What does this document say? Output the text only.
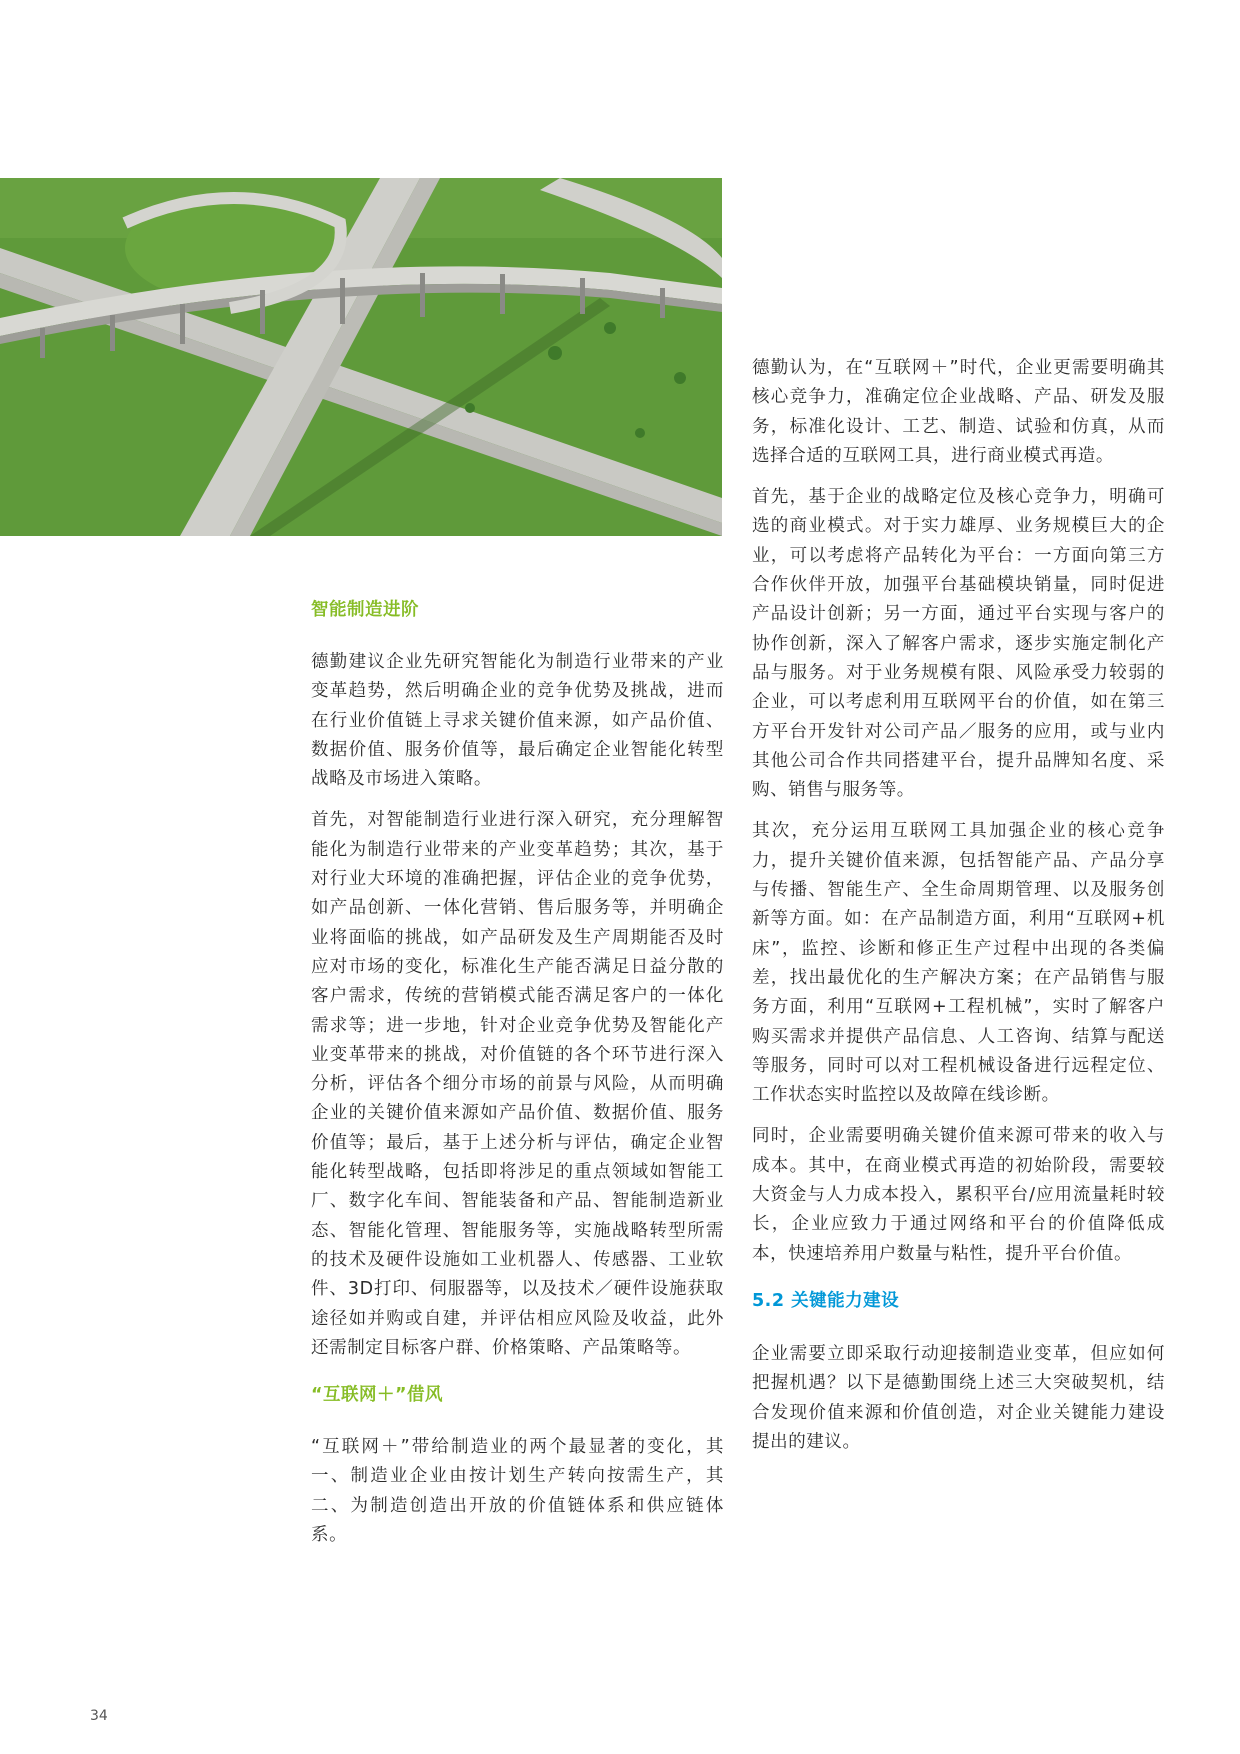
智能制造进阶

德勤建议企业先研究智能化为制造行业带来的产业变革趋势，然后明确企业的竞争优势及挑战，进而在行业价值链上寻求关键价值来源，如产品价值、数据价值、服务价值等，最后确定企业智能化转型战略及市场进入策略。

首先，对智能制造行业进行深入研究，充分理解智能化为制造行业带来的产业变革趋势；其次，基于对行业大环境的准确把握，评估企业的竞争优势，如产品创新、一体化营销、售后服务等，并明确企业将面临的挑战，如产品研发及生产周期能否及时应对市场的变化，标准化生产能否满足日益分散的客户需求，传统的营销模式能否满足客户的一体化需求等；进一步地，针对企业竞争优势及智能化产业变革带来的挑战，对价值链的各个环节进行深入分析，评估各个细分市场的前景与风险，从而明确企业的关键价值来源如产品价值、数据价值、服务价值等；最后，基于上述分析与评估，确定企业智能化转型战略，包括即将涉足的重点领域如智能工厂、数字化车间、智能装备和产品、智能制造新业态、智能化管理、智能服务等，实施战略转型所需的技术及硬件设施如工业机器人、传感器、工业软件、3D打印、伺服器等，以及技术／硬件设施获取途径如并购或自建，并评估相应风险及收益，此外还需制定目标客户群、价格策略、产品策略等。

“互联网＋”借风

“互联网＋”带给制造业的两个最显著的变化，其一、制造业企业由按计划生产转向按需生产，其二、为制造创造出开放的价值链体系和供应链体系。

德勤认为，在“互联网＋”时代，企业更需要明确其核心竞争力，准确定位企业战略、产品、研发及服务，标准化设计、工艺、制造、试验和仿真，从而选择合适的互联网工具，进行商业模式再造。

首先，基于企业的战略定位及核心竞争力，明确可选的商业模式。对于实力雄厚、业务规模巨大的企业，可以考虑将产品转化为平台：一方面向第三方合作伙伴开放，加强平台基础模块销量，同时促进产品设计创新；另一方面，通过平台实现与客户的协作创新，深入了解客户需求，逐步实施定制化产品与服务。对于业务规模有限、风险承受力较弱的企业，可以考虑利用互联网平台的价值，如在第三方平台开发针对公司产品／服务的应用，或与业内其他公司合作共同搭建平台，提升品牌知名度、采购、销售与服务等。

其次，充分运用互联网工具加强企业的核心竞争力，提升关键价值来源，包括智能产品、产品分享与传播、智能生产、全生命周期管理、以及服务创新等方面。如：在产品制造方面，利用“互联网+机床”，监控、诊断和修正生产过程中出现的各类偏差，找出最优化的生产解决方案；在产品销售与服务方面，利用“互联网+工程机械”，实时了解客户购买需求并提供产品信息、人工咨询、结算与配送等服务，同时可以对工程机械设备进行远程定位、工作状态实时监控以及故障在线诊断。

同时，企业需要明确关键价值来源可带来的收入与成本。其中，在商业模式再造的初始阶段，需要较大资金与人力成本投入，累积平台/应用流量耗时较长，企业应致力于通过网络和平台的价值降低成本，快速培养用户数量与粘性，提升平台价值。

5.2 关键能力建设

企业需要立即采取行动迎接制造业变革，但应如何把握机遇？以下是德勤围绕上述三大突破契机，结合发现价值来源和价值创造，对企业关键能力建设提出的建议。

34
